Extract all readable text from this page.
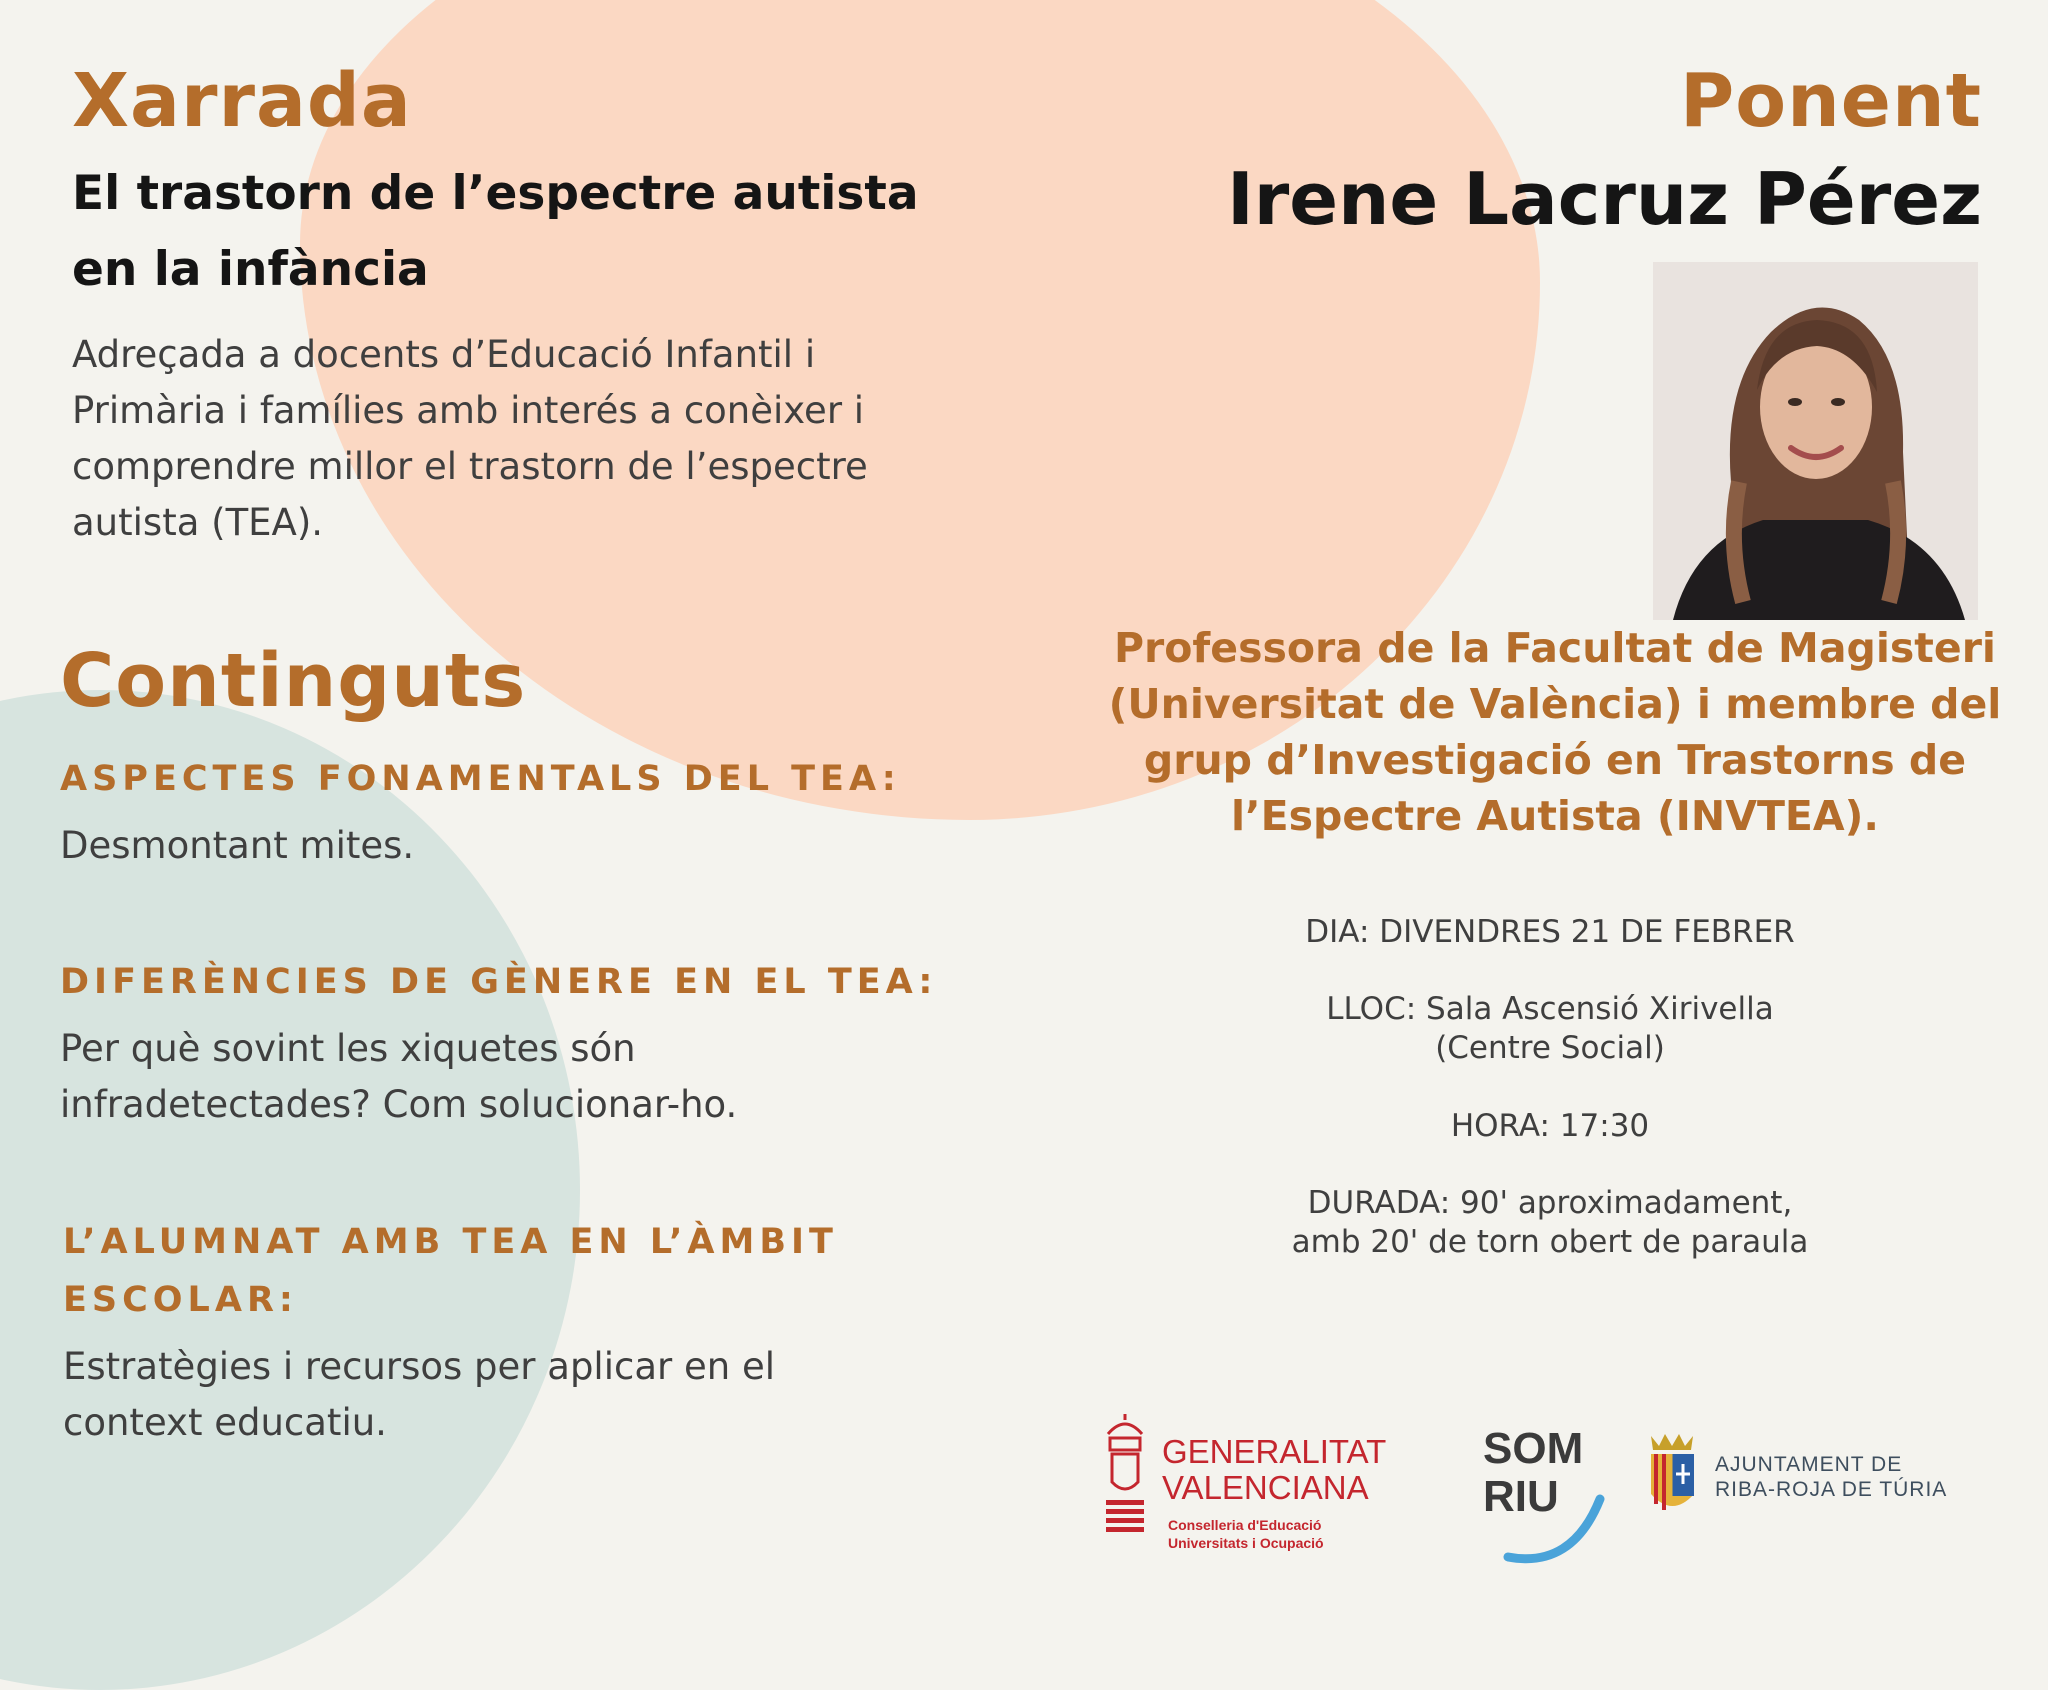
Xarrada
El trastorn de l’espectre autista
en la infància
Adreçada a docents d’Educació Infantil i
Primària i famílies amb interés a conèixer i
comprendre millor el trastorn de l’espectre
autista (TEA).
Continguts
ASPECTES FONAMENTALS DEL TEA:
Desmontant mites.
DIFERÈNCIES DE GÈNERE EN EL TEA:
Per què sovint les xiquetes són
infradetectades? Com solucionar-ho.
L’ALUMNAT AMB TEA EN L’ÀMBIT
ESCOLAR:
Estratègies i recursos per aplicar en el
context educatiu.
Ponent
Irene Lacruz Pérez
Professora de la Facultat de Magisteri
(Universitat de València) i membre del
grup d’Investigació en Trastorns de
l’Espectre Autista (INVTEA).
DIA: DIVENDRES 21 DE FEBRER
LLOC: Sala Ascensió Xirivella
(Centre Social)
HORA: 17:30
DURADA: 90' aproximadament,
amb 20' de torn obert de paraula
GENERALITAT
VALENCIANA
Conselleria d'Educació
Universitats i Ocupació
SOM
RIU
AJUNTAMENT DE
RIBA-ROJA DE TÚRIA
